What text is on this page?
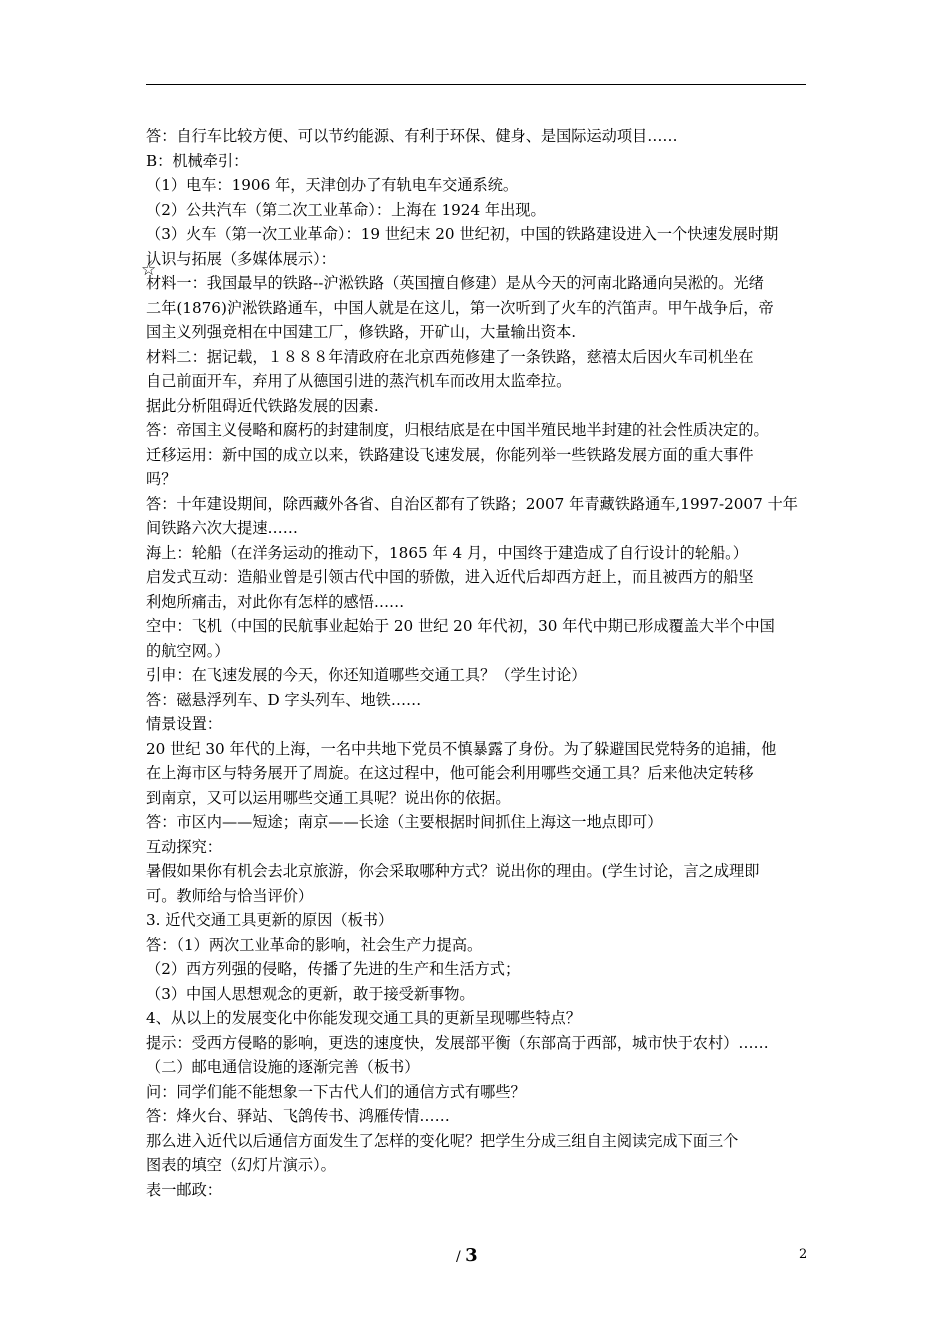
答：自行车比较方便、可以节约能源、有利于环保、健身、是国际运动项目……

B：机械牵引：

（1）电车：1906 年，天津创办了有轨电车交通系统。

（2）公共汽车（第二次工业革命）：上海在 1924 年出现。

（3）火车（第一次工业革命）：19 世纪末 20 世纪初，中国的铁路建设进入一个快速发展时期

认识与拓展（多媒体展示）：

材料一：我国最早的铁路--沪淞铁路（英国擅自修建）是从今天的河南北路通向吴淞的。光绪

二年(1876)沪淞铁路通车，中国人就是在这儿，第一次听到了火车的汽笛声。甲午战争后，帝

国主义列强竞相在中国建工厂，修铁路，开矿山，大量输出资本.

材料二：据记载，１８８８年清政府在北京西苑修建了一条铁路，慈禧太后因火车司机坐在

自己前面开车，弃用了从德国引进的蒸汽机车而改用太监牵拉。

据此分析阻碍近代铁路发展的因素.

答：帝国主义侵略和腐朽的封建制度，归根结底是在中国半殖民地半封建的社会性质决定的。

迁移运用：新中国的成立以来，铁路建设飞速发展，你能列举一些铁路发展方面的重大事件

吗？

答：十年建设期间，除西藏外各省、自治区都有了铁路；2007 年青藏铁路通车,1997-2007 十年

间铁路六次大提速……

海上：轮船（在洋务运动的推动下，1865 年 4 月，中国终于建造成了自行设计的轮船。）

启发式互动：造船业曾是引领古代中国的骄傲，进入近代后却西方赶上，而且被西方的船坚

利炮所痛击，对此你有怎样的感悟……

空中：飞机（中国的民航事业起始于 20 世纪 20 年代初，30 年代中期已形成覆盖大半个中国

的航空网。）

引申：在飞速发展的今天，你还知道哪些交通工具？（学生讨论）

答：磁悬浮列车、D 字头列车、地铁……

情景设置：

20 世纪 30 年代的上海，一名中共地下党员不慎暴露了身份。为了躲避国民党特务的追捕，他

在上海市区与特务展开了周旋。在这过程中，他可能会利用哪些交通工具？后来他决定转移

到南京，又可以运用哪些交通工具呢？说出你的依据。

答：市区内——短途；南京——长途（主要根据时间抓住上海这一地点即可）

互动探究：

暑假如果你有机会去北京旅游，你会采取哪种方式？说出你的理由。(学生讨论，言之成理即

可。教师给与恰当评价）

3. 近代交通工具更新的原因（板书）

答：（1）两次工业革命的影响，社会生产力提高。

（2）西方列强的侵略，传播了先进的生产和生活方式；

（3）中国人思想观念的更新，敢于接受新事物。

4、从以上的发展变化中你能发现交通工具的更新呈现哪些特点？

提示：受西方侵略的影响，更迭的速度快，发展部平衡（东部高于西部，城市快于农村）……

（二）邮电通信设施的逐渐完善（板书）

问：同学们能不能想象一下古代人们的通信方式有哪些？

答：烽火台、驿站、飞鸽传书、鸿雁传情……

那么进入近代以后通信方面发生了怎样的变化呢？把学生分成三组自主阅读完成下面三个

图表的填空（幻灯片演示）。

表一邮政：

☆
/ 3	2
